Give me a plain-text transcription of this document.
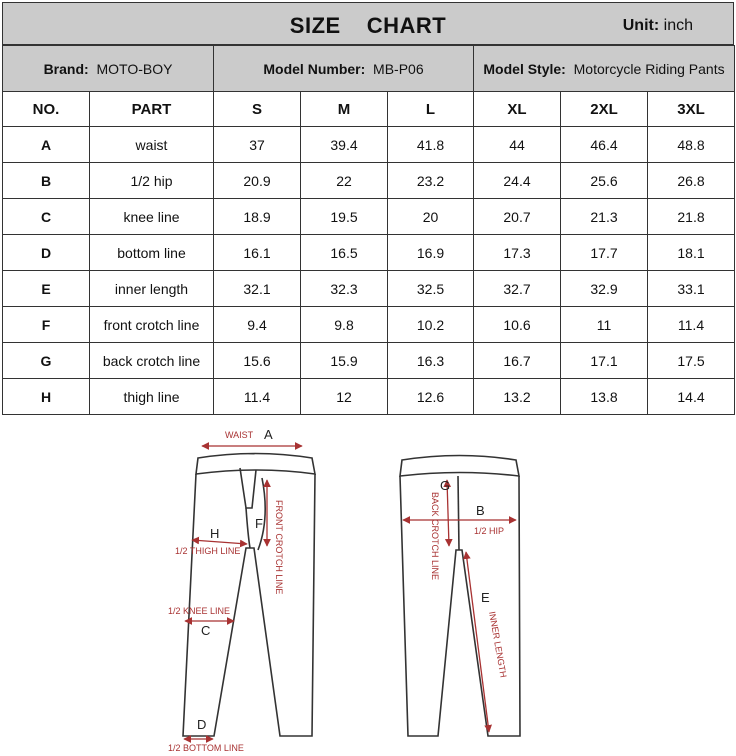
SIZE CHART	Unit: inch
Brand: MOTO-BOY		Model Number: MB-P06			Model Style: Motorcycle Riding Pants		
NO.	PART	S	M	L	XL	2XL	3XL
A	waist	37	39.4	41.8	44	46.4	48.8
B	1/2 hip	20.9	22	23.2	24.4	25.6	26.8
C	knee line	18.9	19.5	20	20.7	21.3	21.8
D	bottom line	16.1	16.5	16.9	17.3	17.7	18.1
E	inner length	32.1	32.3	32.5	32.7	32.9	33.1
F	front crotch line	9.4	9.8	10.2	10.6	11	11.4
G	back crotch line	15.6	15.9	16.3	16.7	17.1	17.5
H	thigh line	11.4	12	12.6	13.2	13.8	14.4
WAIST A
F FRONT CROTCH LINE
H
1/2 THIGH LINE
1/2 KNEE LINE
C
D
1/2 BOTTOM LINE
G
BACK CROTCH LINE	B
1/2 HIP
E
INNER LENGTH
